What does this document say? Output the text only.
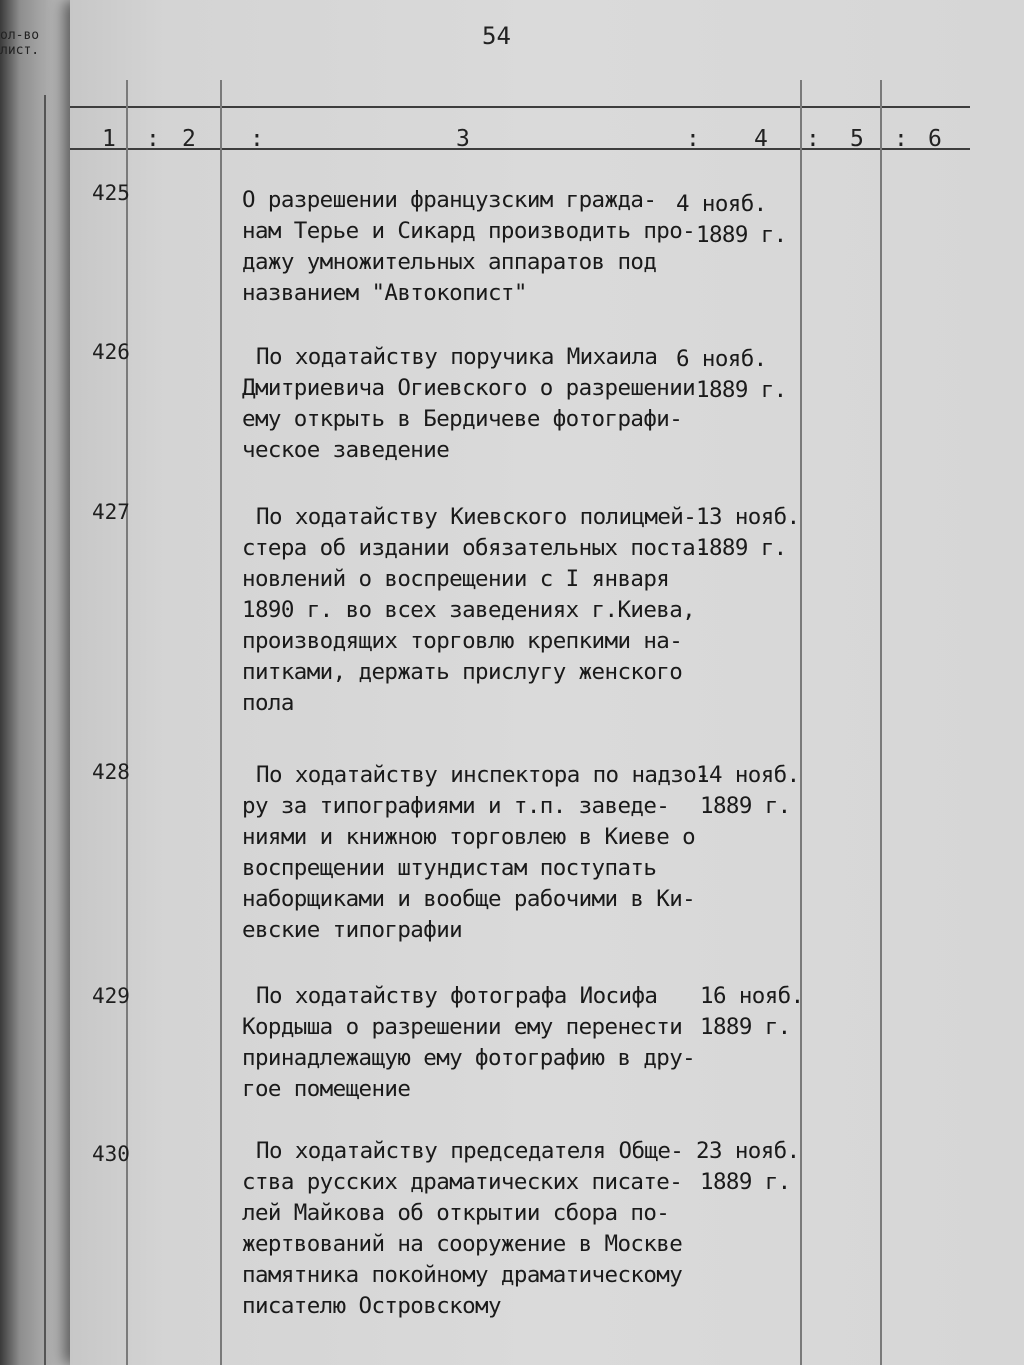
ол-во
лист.
54
1 : 2 :	3	: 4 : 5 : 6
425	О разрешении французским гражда-
нам Терье и Сикард производить про-
дажу умножительных аппаратов под
названием "Автокопист"
4 нояб.
1889 г.
426	По ходатайству поручика Михаила
Дмитриевича Огиевского о разрешении
ему открыть в Бердичеве фотографи-
ческое заведение
6 нояб.
1889 г.
427	По ходатайству Киевского полицмей-
стера об издании обязательных поста-
новлений о воспрещении с I января
1890 г. во всех заведениях г.Киева,
производящих торговлю крепкими на-
питками, держать прислугу женского
пола
13 нояб.
1889 г.
428	По ходатайству инспектора по надзо-
ру за типографиями и т.п. заведе-
ниями и книжною торговлею в Киеве о
воспрещении штундистам поступать
наборщиками и вообще рабочими в Ки-
евские типографии
14 нояб.
1889 г.
429	По ходатайству фотографа Иосифа
Кордыша о разрешении ему перенести
принадлежащую ему фотографию в дру-
гое помещение
16 нояб.
1889 г.
430	По ходатайству председателя Обще-
ства русских драматических писате-
лей Майкова об открытии сбора по-
жертвований на сооружение в Москве
памятника покойному драматическому
писателю Островскому
23 нояб.
1889 г.
